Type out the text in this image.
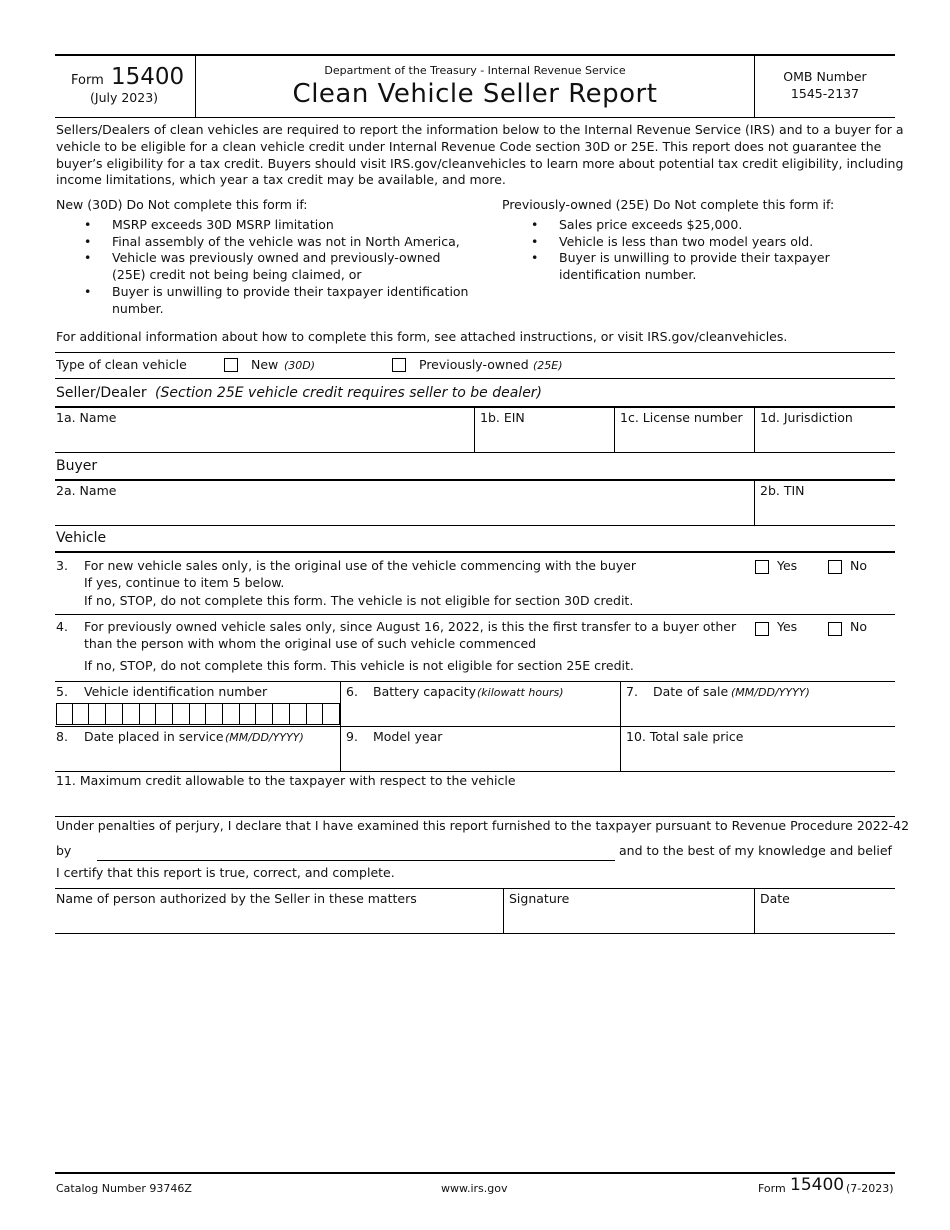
Form 15400
(July 2023)
Department of the Treasury - Internal Revenue Service
Clean Vehicle Seller Report
OMB Number
1545-2137
Sellers/Dealers of clean vehicles are required to report the information below to the Internal Revenue Service (IRS) and to a buyer for a
vehicle to be eligible for a clean vehicle credit under Internal Revenue Code section 30D or 25E. This report does not guarantee the
buyer’s eligibility for a tax credit. Buyers should visit IRS.gov/cleanvehicles to learn more about potential tax credit eligibility, including
income limitations, which year a tax credit may be available, and more.
New (30D) Do Not complete this form if:
• MSRP exceeds 30D MSRP limitation
• Final assembly of the vehicle was not in North America,
• Vehicle was previously owned and previously-owned
(25E) credit not being being claimed, or
• Buyer is unwilling to provide their taxpayer identification
number.
Previously-owned (25E) Do Not complete this form if:
• Sales price exceeds $25,000.
• Vehicle is less than two model years old.
• Buyer is unwilling to provide their taxpayer
identification number.
For additional information about how to complete this form, see attached instructions, or visit IRS.gov/cleanvehicles.
Type of clean vehicle	New (30D)	Previously-owned (25E)
Seller/Dealer (Section 25E vehicle credit requires seller to be dealer)
1a. Name	1b. EIN	1c. License number 1d. Jurisdiction
Buyer
2a. Name	2b. TIN
Vehicle
3. For new vehicle sales only, is the original use of the vehicle commencing with the buyer
If yes, continue to item 5 below.
If no, STOP, do not complete this form. The vehicle is not eligible for section 30D credit.
Yes	No
4. For previously owned vehicle sales only, since August 16, 2022, is this the first transfer to a buyer other
than the person with whom the original use of such vehicle commenced
If no, STOP, do not complete this form. This vehicle is not eligible for section 25E credit.
Yes	No
5. Vehicle identification number	6. Battery capacity (kilowatt hours)	7. Date of sale (MM/DD/YYYY)
8. Date placed in service (MM/DD/YYYY)	9. Model year	10. Total sale price
11. Maximum credit allowable to the taxpayer with respect to the vehicle
Under penalties of perjury, I declare that I have examined this report furnished to the taxpayer pursuant to Revenue Procedure 2022-42
by	and to the best of my knowledge and belief
I certify that this report is true, correct, and complete.
Name of person authorized by the Seller in these matters	Signature	Date
Catalog Number 93746Z	www.irs.gov	Form 15400 (7-2023)
